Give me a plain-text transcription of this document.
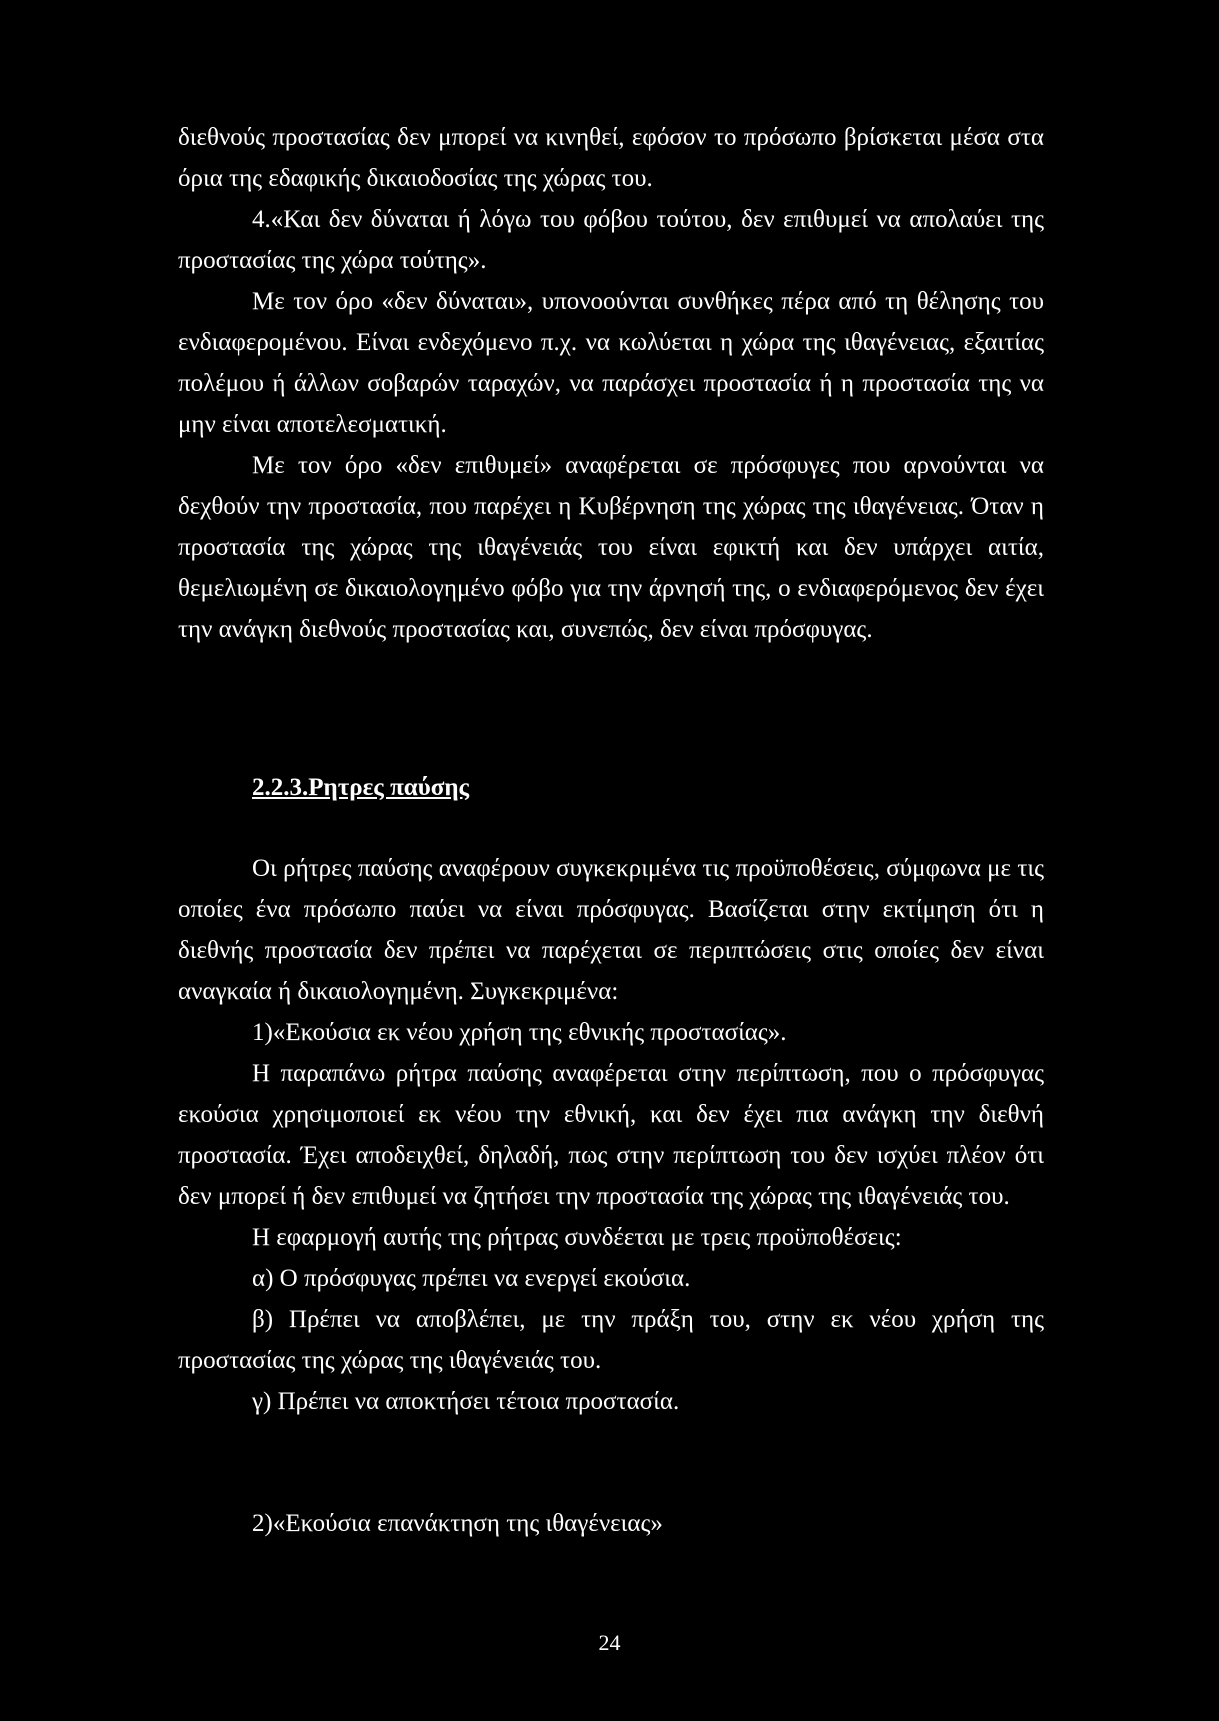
διεθνούς προστασίας δεν μπορεί να κινηθεί, εφόσον το πρόσωπο βρίσκεται μέσα στα όρια της εδαφικής δικαιοδοσίας της χώρας του.

4.«Και δεν δύναται ή λόγω του φόβου τούτου, δεν επιθυμεί να απολαύει της προστασίας της χώρα τούτης».

Με τον όρο «δεν δύναται», υπονοούνται συνθήκες πέρα από τη θέλησης του ενδιαφερομένου. Είναι ενδεχόμενο π.χ. να κωλύεται η χώρα της ιθαγένειας, εξαιτίας πολέμου ή άλλων σοβαρών ταραχών, να παράσχει προστασία ή η προστασία της να μην είναι αποτελεσματική.

Με τον όρο «δεν επιθυμεί» αναφέρεται σε πρόσφυγες που αρνούνται να δεχθούν την προστασία, που παρέχει η Κυβέρνηση της χώρας της ιθαγένειας. Όταν η προστασία της χώρας της ιθαγένειάς του είναι εφικτή και δεν υπάρχει αιτία, θεμελιωμένη σε δικαιολογημένο φόβο για την άρνησή της, ο ενδιαφερόμενος δεν έχει την ανάγκη διεθνούς προστασίας και, συνεπώς, δεν είναι πρόσφυγας.

2.2.3.Ρητρες παύσης

Οι ρήτρες παύσης αναφέρουν συγκεκριμένα τις προϋποθέσεις, σύμφωνα με τις οποίες ένα πρόσωπο παύει να είναι πρόσφυγας. Βασίζεται στην εκτίμηση ότι η διεθνής προστασία δεν πρέπει να παρέχεται σε περιπτώσεις στις οποίες δεν είναι αναγκαία ή δικαιολογημένη. Συγκεκριμένα:

1)«Εκούσια εκ νέου χρήση της εθνικής προστασίας».

Η παραπάνω ρήτρα παύσης αναφέρεται στην περίπτωση, που ο πρόσφυγας εκούσια χρησιμοποιεί εκ νέου την εθνική, και δεν έχει πια ανάγκη την διεθνή προστασία. Έχει αποδειχθεί, δηλαδή, πως στην περίπτωση του δεν ισχύει πλέον ότι δεν μπορεί ή δεν επιθυμεί να ζητήσει την προστασία της χώρας της ιθαγένειάς του.

Η εφαρμογή αυτής της ρήτρας συνδέεται με τρεις προϋποθέσεις:

α) Ο πρόσφυγας πρέπει να ενεργεί εκούσια.

β) Πρέπει να αποβλέπει, με την πράξη του, στην εκ νέου χρήση της προστασίας της χώρας της ιθαγένειάς του.

γ) Πρέπει να αποκτήσει τέτοια προστασία.

2)«Εκούσια επανάκτηση της ιθαγένειας»
24
